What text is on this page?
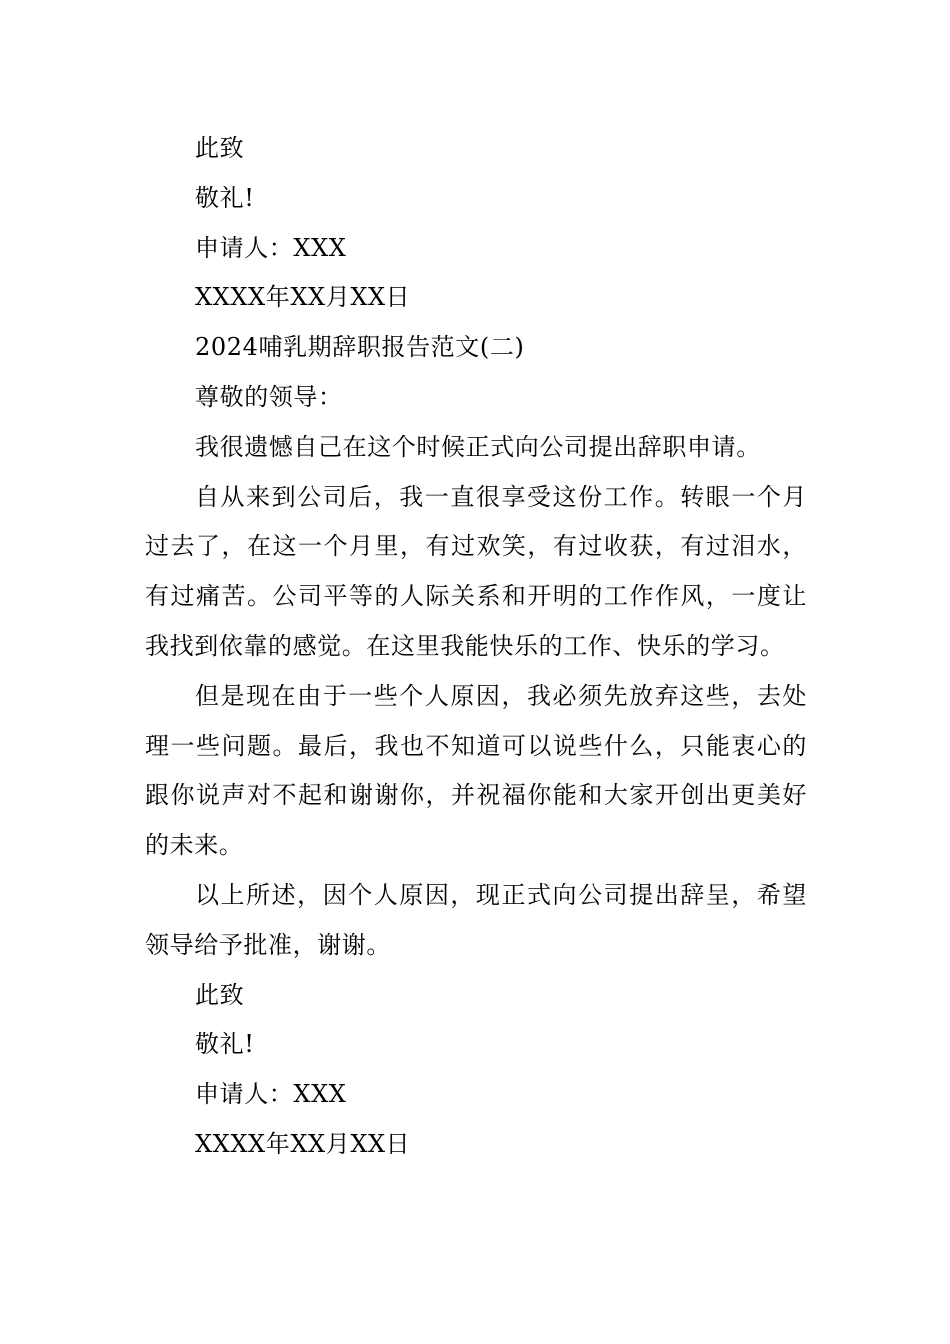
此致
敬礼!
申请人：XXX
XXXX年XX月XX日
2024哺乳期辞职报告范文(二)
尊敬的领导：

我很遗憾自己在这个时候正式向公司提出辞职申请。

自从来到公司后，我一直很享受这份工作。转眼一个月过去了，在这一个月里，有过欢笑，有过收获，有过泪水，有过痛苦。公司平等的人际关系和开明的工作作风，一度让我找到依靠的感觉。在这里我能快乐的工作、快乐的学习。

但是现在由于一些个人原因，我必须先放弃这些，去处理一些问题。最后，我也不知道可以说些什么，只能衷心的跟你说声对不起和谢谢你，并祝福你能和大家开创出更美好的未来。

以上所述，因个人原因，现正式向公司提出辞呈，希望领导给予批准，谢谢。

此致
敬礼!
申请人：XXX
XXXX年XX月XX日
